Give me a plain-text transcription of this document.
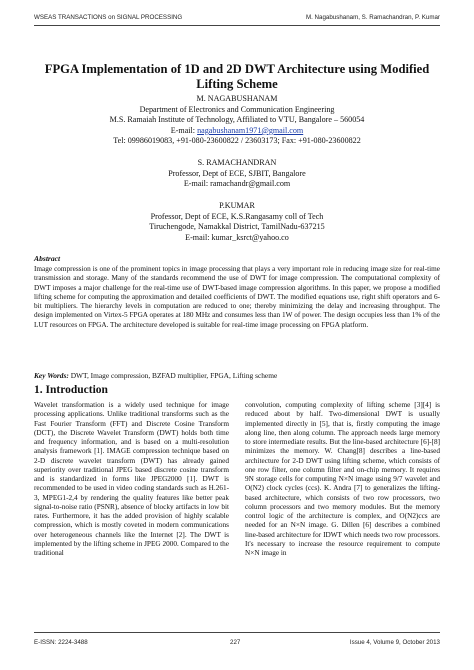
WSEAS TRANSACTIONS on SIGNAL PROCESSING	M. Nagabushanam, S. Ramachandran, P. Kumar
FPGA Implementation of 1D and 2D DWT Architecture using Modified
Lifting Scheme
M. NAGABUSHANAM
Department of Electronics and Communication Engineering
M.S. Ramaiah Institute of Technology, Affiliated to VTU, Bangalore – 560054
E-mail: nagabushanam1971@gmail.com
Tel: 09986019083, +91-080-23600822 / 23603173; Fax: +91-080-23600822
S. RAMACHANDRAN
Professor, Dept of ECE, SJBIT, Bangalore
E-mail: ramachandr@gmail.com
P.KUMAR
Professor, Dept of ECE, K.S.Rangasamy coll of Tech
Tiruchengode, Namakkal District, TamilNadu-637215
E-mail: kumar_ksrct@yahoo.co
Abstract
Image compression is one of the prominent topics in image processing that plays a very important role in reducing image size for real-time transmission and storage. Many of the standards recommend the use of DWT for image compression. The computational complexity of DWT imposes a major challenge for the real-time use of DWT-based image compression algorithms. In this paper, we propose a modified lifting scheme for computing the approximation and detailed coefficients of DWT. The modified equations use, right shift operators and 6-bit multipliers. The hierarchy levels in computation are reduced to one; thereby minimizing the delay and increasing throughput. The design implemented on Virtex-5 FPGA operates at 180 MHz and consumes less than 1W of power. The design occupies less than 1% of the LUT resources on FPGA. The architecture developed is suitable for real-time image processing on FPGA platform.
Key Words: DWT, Image compression, BZFAD multiplier, FPGA, Lifting scheme
1. Introduction

Wavelet transformation is a widely used technique for image processing applications. Unlike traditional transforms such as the Fast Fourier Transform (FFT) and Discrete Cosine Transform (DCT), the Discrete Wavelet Transform (DWT) holds both time and frequency information, and is based on a multi-resolution analysis framework [1]. IMAGE compression technique based on 2-D discrete wavelet transform (DWT) has already gained superiority over traditional JPEG based discrete cosine transform and is standardized in forms like JPEG2000 [1]. DWT is recommended to be used in video coding standards such as H.261-3, MPEG1-2,4 by rendering the quality features like better peak signal-to-noise ratio (PSNR), absence of blocky artifacts in low bit rates. Furthermore, it has the added provision of highly scalable compression, which is mostly coveted in modern communications over heterogeneous channels like the Internet [2]. The DWT is implemented by the lifting scheme in JPEG 2000. Compared to the traditional

convolution, computing complexity of lifting scheme [3][4] is reduced about by half. Two-dimensional DWT is usually implemented directly in [5], that is, firstly computing the image along line, then along column. The approach needs large memory to store intermediate results. But the line-based architecture [6]-[8] minimizes the memory. W. Chang[8] describes a line-based architecture for 2-D DWT using lifting scheme, which consists of one row filter, one column filter and on-chip memory. It requires 9N storage cells for computing N×N image using 9/7 wavelet and O(N2) clock cycles (ccs). K. Andra [7] to generalizes the lifting-based architecture, which consists of two row processors, two column processors and two memory modules. But the memory control logic of the architecture is complex, and O(N2)ccs are needed for an N×N image. G. Dillen [6] describes a combined line-based architecture for IDWT which needs two row processors. It's necessary to increase the resource requirement to compute N×N image in

E-ISSN: 2224-3488	227	Issue 4, Volume 9, October 2013
